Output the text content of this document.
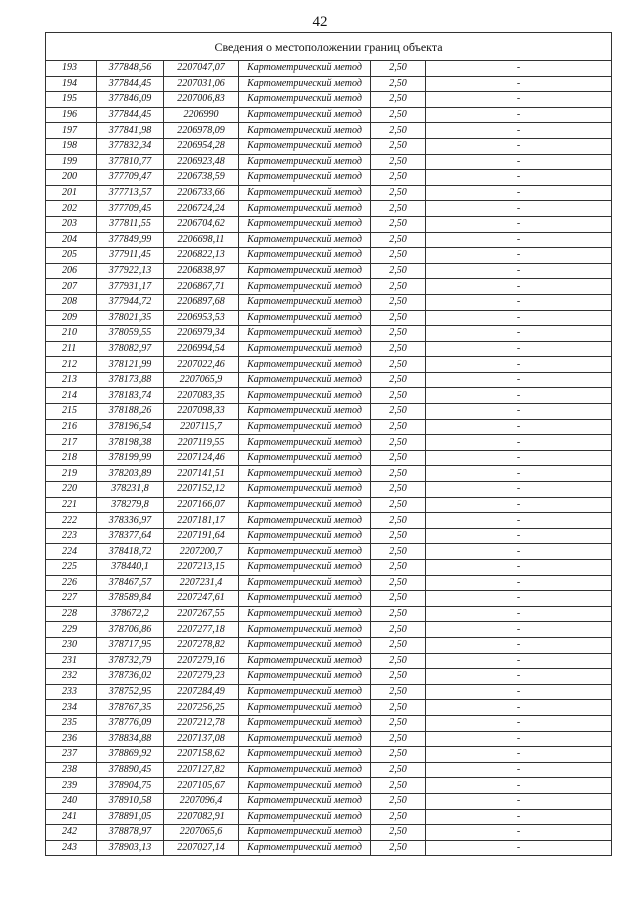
42
Сведения о местоположении границ объекта					
193	377848,56	2207047,07	Картометрический метод	2,50	-
194	377844,45	2207031,06	Картометрический метод	2,50	-
195	377846,09	2207006,83	Картометрический метод	2,50	-
196	377844,45	2206990	Картометрический метод	2,50	-
197	377841,98	2206978,09	Картометрический метод	2,50	-
198	377832,34	2206954,28	Картометрический метод	2,50	-
199	377810,77	2206923,48	Картометрический метод	2,50	-
200	377709,47	2206738,59	Картометрический метод	2,50	-
201	377713,57	2206733,66	Картометрический метод	2,50	-
202	377709,45	2206724,24	Картометрический метод	2,50	-
203	377811,55	2206704,62	Картометрический метод	2,50	-
204	377849,99	2206698,11	Картометрический метод	2,50	-
205	377911,45	2206822,13	Картометрический метод	2,50	-
206	377922,13	2206838,97	Картометрический метод	2,50	-
207	377931,17	2206867,71	Картометрический метод	2,50	-
208	377944,72	2206897,68	Картометрический метод	2,50	-
209	378021,35	2206953,53	Картометрический метод	2,50	-
210	378059,55	2206979,34	Картометрический метод	2,50	-
211	378082,97	2206994,54	Картометрический метод	2,50	-
212	378121,99	2207022,46	Картометрический метод	2,50	-
213	378173,88	2207065,9	Картометрический метод	2,50	-
214	378183,74	2207083,35	Картометрический метод	2,50	-
215	378188,26	2207098,33	Картометрический метод	2,50	-
216	378196,54	2207115,7	Картометрический метод	2,50	-
217	378198,38	2207119,55	Картометрический метод	2,50	-
218	378199,99	2207124,46	Картометрический метод	2,50	-
219	378203,89	2207141,51	Картометрический метод	2,50	-
220	378231,8	2207152,12	Картометрический метод	2,50	-
221	378279,8	2207166,07	Картометрический метод	2,50	-
222	378336,97	2207181,17	Картометрический метод	2,50	-
223	378377,64	2207191,64	Картометрический метод	2,50	-
224	378418,72	2207200,7	Картометрический метод	2,50	-
225	378440,1	2207213,15	Картометрический метод	2,50	-
226	378467,57	2207231,4	Картометрический метод	2,50	-
227	378589,84	2207247,61	Картометрический метод	2,50	-
228	378672,2	2207267,55	Картометрический метод	2,50	-
229	378706,86	2207277,18	Картометрический метод	2,50	-
230	378717,95	2207278,82	Картометрический метод	2,50	-
231	378732,79	2207279,16	Картометрический метод	2,50	-
232	378736,02	2207279,23	Картометрический метод	2,50	-
233	378752,95	2207284,49	Картометрический метод	2,50	-
234	378767,35	2207256,25	Картометрический метод	2,50	-
235	378776,09	2207212,78	Картометрический метод	2,50	-
236	378834,88	2207137,08	Картометрический метод	2,50	-
237	378869,92	2207158,62	Картометрический метод	2,50	-
238	378890,45	2207127,82	Картометрический метод	2,50	-
239	378904,75	2207105,67	Картометрический метод	2,50	-
240	378910,58	2207096,4	Картометрический метод	2,50	-
241	378891,05	2207082,91	Картометрический метод	2,50	-
242	378878,97	2207065,6	Картометрический метод	2,50	-
243	378903,13	2207027,14	Картометрический метод	2,50	-
